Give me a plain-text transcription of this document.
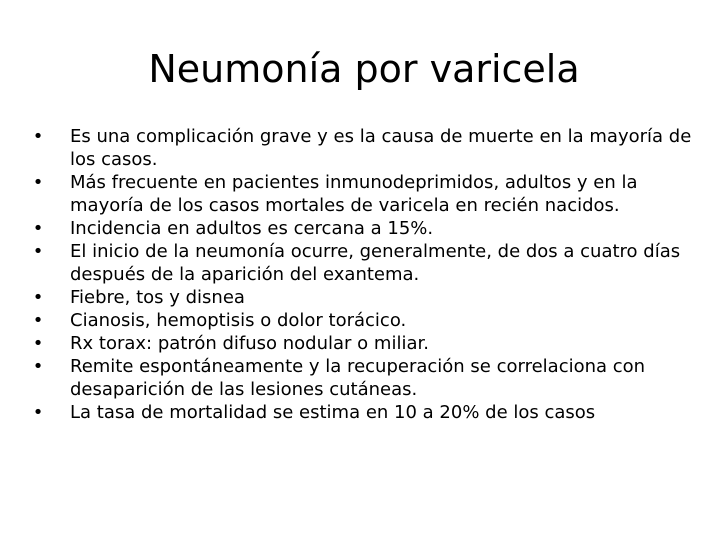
Neumonía por varicela
• Es una complicación grave y es la causa de muerte en la mayoría de los casos.
• Más frecuente en pacientes inmunodeprimidos, adultos y en la mayoría de los casos mortales de varicela en recién nacidos.
• Incidencia en adultos es cercana a 15%.
• El inicio de la neumonía ocurre, generalmente, de dos a cuatro días después de la aparición del exantema.
• Fiebre, tos y disnea
• Cianosis, hemoptisis o dolor torácico.
• Rx torax: patrón difuso nodular o miliar.
• Remite espontáneamente y la recuperación se correlaciona con desaparición de las lesiones cutáneas.
• La tasa de mortalidad se estima en 10 a 20% de los casos
